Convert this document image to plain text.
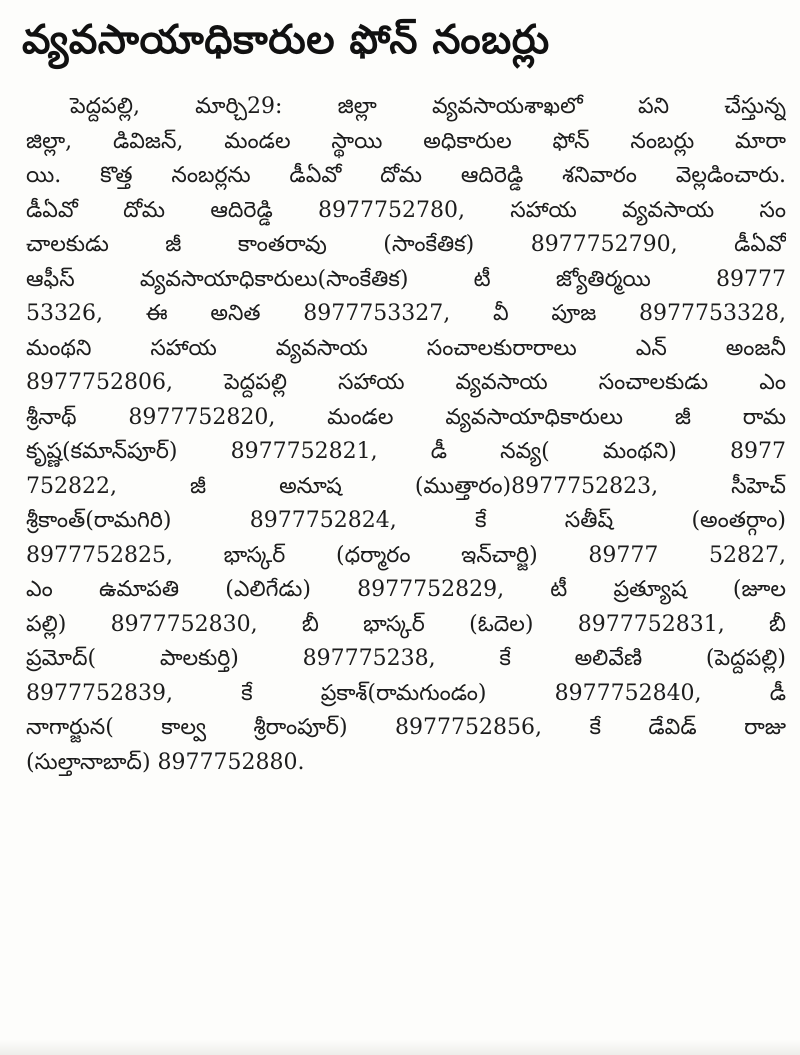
వ్యవసాయాధికారుల ఫోన్ నంబర్లు
పెద్దపల్లి, మార్చి29: జిల్లా వ్యవసాయశాఖలో పని చేస్తున్న
జిల్లా, డివిజన్, మండల స్థాయి అధికారుల ఫోన్ నంబర్లు మారా
యి. కొత్త నంబర్లను డీఏవో దోమ ఆదిరెడ్డి శనివారం వెల్లడించారు.
డీఏవో దోమ ఆదిరెడ్డి 8977752780, సహాయ వ్యవసాయ సం
చాలకుడు జీ కాంతరావు (సాంకేతిక) 8977752790, డీఏవో
ఆఫీస్ వ్యవసాయాధికారులు(సాంకేతిక) టీ జ్యోతిర్మయి 89777
53326, ఈ అనిత 8977753327, వీ పూజ 8977753328,
మంథని సహాయ వ్యవసాయ సంచాలకురారాలు ఎన్ అంజనీ
8977752806, పెద్దపల్లి సహాయ వ్యవసాయ సంచాలకుడు ఎం
శ్రీనాథ్ 8977752820, మండల వ్యవసాయాధికారులు జీ రామ
కృష్ణ(కమాన్‌పూర్) 8977752821, డీ నవ్య( మంథని) 8977
752822, జీ అనూష (ముత్తారం)8977752823, సీహెచ్
శ్రీకాంత్(రామగిరి) 8977752824, కే సతీష్ (అంతర్గాం)
8977752825, భాస్కర్ (ధర్మారం ఇన్‌చార్జి) 89777 52827,
ఎం ఉమాపతి (ఎలిగేడు) 8977752829, టీ ప్రత్యూష (జూల
పల్లి) 8977752830, బీ భాస్కర్ (ఓదెల) 8977752831, బీ
ప్రమోద్( పాలకుర్తి) 897775238, కే అలివేణి (పెద్దపల్లి)
8977752839, కే ప్రకాశ్(రామగుండం) 8977752840, డీ
నాగార్జున( కాల్వ శ్రీరాంపూర్) 8977752856, కే డేవిడ్ రాజు
(సుల్తానాబాద్) 8977752880.
